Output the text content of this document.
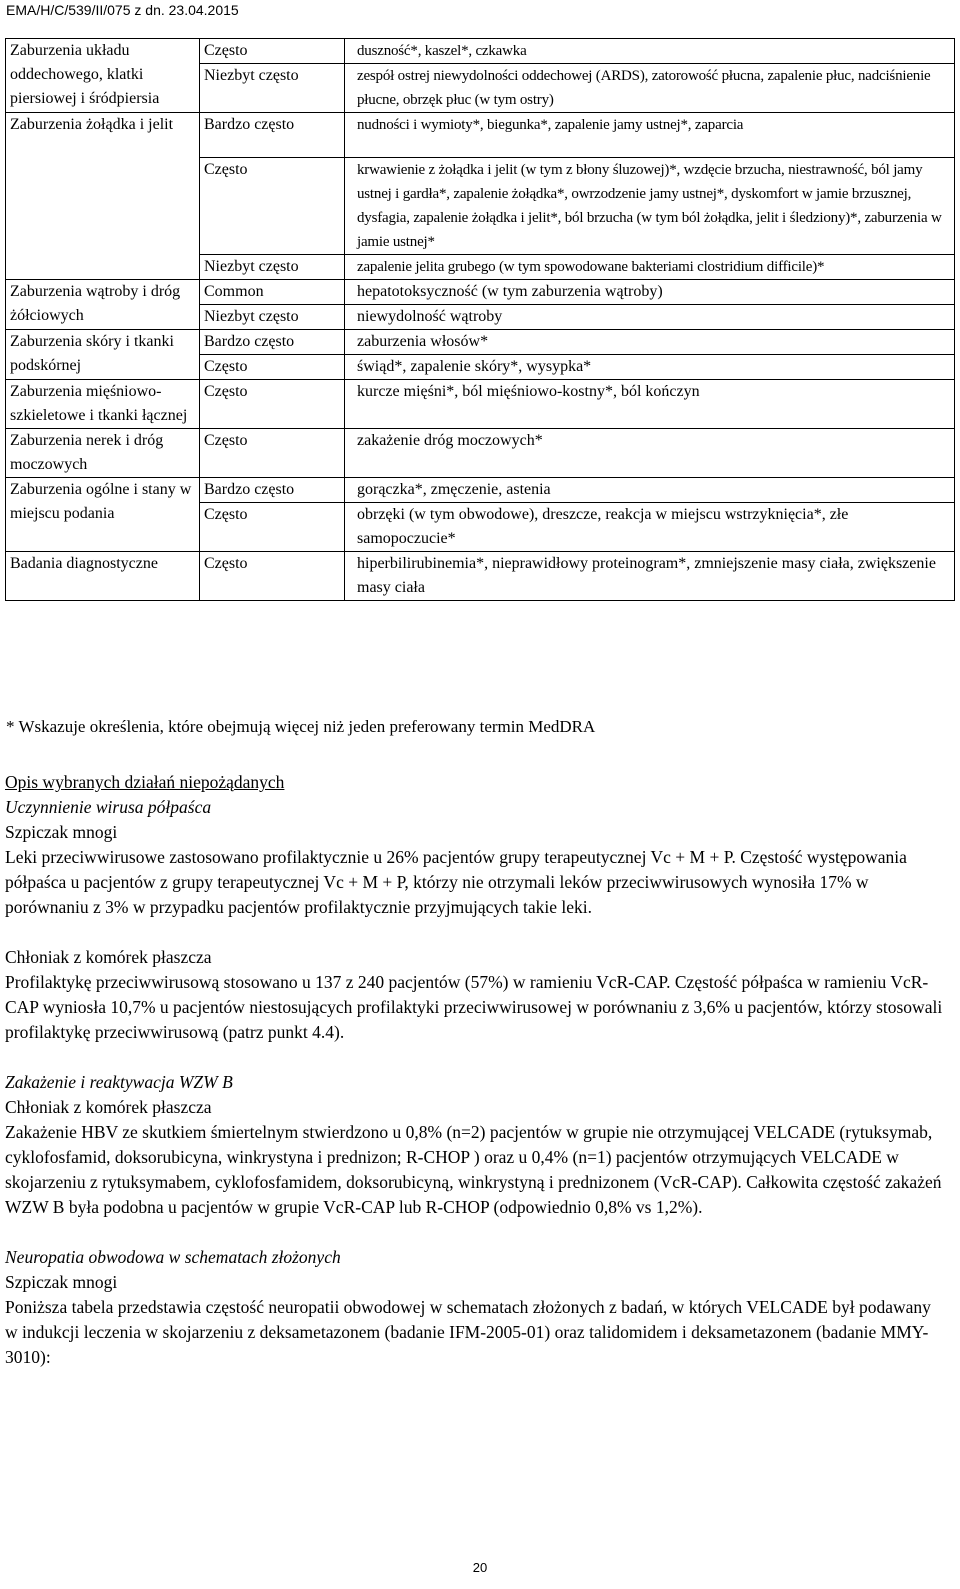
EMA/H/C/539/II/075 z dn. 23.04.2015
Zaburzenia układu oddechowego, klatki piersiowej i śródpiersia	Często	duszność*, kaszel*, czkawka
	Niezbyt często	zespół ostrej niewydolności oddechowej (ARDS), zatorowość płucna, zapalenie płuc, nadciśnienie płucne, obrzęk płuc (w tym ostry)
Zaburzenia żołądka i jelit	Bardzo często	nudności i wymioty*, biegunka*, zapalenie jamy ustnej*, zaparcia
	Często	krwawienie z żołądka i jelit (w tym z błony śluzowej)*, wzdęcie brzucha, niestrawność, ból jamy ustnej i gardła*, zapalenie żołądka*, owrzodzenie jamy ustnej*, dyskomfort w jamie brzusznej, dysfagia, zapalenie żołądka i jelit*, ból brzucha (w tym ból żołądka, jelit i śledziony)*, zaburzenia w jamie ustnej*
	Niezbyt często	zapalenie jelita grubego (w tym spowodowane bakteriami clostridium difficile)*
Zaburzenia wątroby i dróg żółciowych	Common	hepatotoksyczność (w tym zaburzenia wątroby)
	Niezbyt często	niewydolność wątroby
Zaburzenia skóry i tkanki podskórnej	Bardzo często	zaburzenia włosów*
	Często	świąd*, zapalenie skóry*, wysypka*
Zaburzenia mięśniowo-szkieletowe i tkanki łącznej	Często	kurcze mięśni*, ból mięśniowo-kostny*, ból kończyn
Zaburzenia nerek i dróg moczowych	Często	zakażenie dróg moczowych*
Zaburzenia ogólne i stany w miejscu podania	Bardzo często	gorączka*, zmęczenie, astenia
	Często	obrzęki (w tym obwodowe), dreszcze, reakcja w miejscu wstrzyknięcia*, złe samopoczucie*
Badania diagnostyczne	Często	hiperbilirubinemia*, nieprawidłowy proteinogram*, zmniejszenie masy ciała, zwiększenie masy ciała
* Wskazuje określenia, które obejmują więcej niż jeden preferowany termin MedDRA

Opis wybranych działań niepożądanych

Uczynnienie wirusa półpaśca

Szpiczak mnogi

Leki przeciwwirusowe zastosowano profilaktycznie u 26% pacjentów grupy terapeutycznej Vc + M + P. Częstość występowania półpaśca u pacjentów z grupy terapeutycznej Vc + M + P, którzy nie otrzymali leków przeciwwirusowych wynosiła 17% w porównaniu z 3% w przypadku pacjentów profilaktycznie przyjmujących takie leki.

Chłoniak z komórek płaszcza

Profilaktykę przeciwwirusową stosowano u 137 z 240 pacjentów (57%) w ramieniu VcR-CAP. Częstość półpaśca w ramieniu VcR-CAP wyniosła 10,7% u pacjentów niestosujących profilaktyki przeciwwirusowej w porównaniu z 3,6% u pacjentów, którzy stosowali profilaktykę przeciwwirusową (patrz punkt 4.4).

Zakażenie i reaktywacja WZW B

Chłoniak z komórek płaszcza

Zakażenie HBV ze skutkiem śmiertelnym stwierdzono u 0,8% (n=2) pacjentów w grupie nie otrzymującej VELCADE (rytuksymab, cyklofosfamid, doksorubicyna, winkrystyna i prednizon; R-CHOP ) oraz u 0,4% (n=1) pacjentów otrzymujących VELCADE w skojarzeniu z rytuksymabem, cyklofosfamidem, doksorubicyną, winkrystyną i prednizonem (VcR-CAP). Całkowita częstość zakażeń WZW B była podobna u pacjentów w grupie VcR-CAP lub R-CHOP (odpowiednio 0,8% vs 1,2%).

Neuropatia obwodowa w schematach złożonych

Szpiczak mnogi

Poniższa tabela przedstawia częstość neuropatii obwodowej w schematach złożonych z badań, w których VELCADE był podawany w indukcji leczenia w skojarzeniu z deksametazonem (badanie IFM-2005-01) oraz talidomidem i deksametazonem (badanie MMY-3010):

20
